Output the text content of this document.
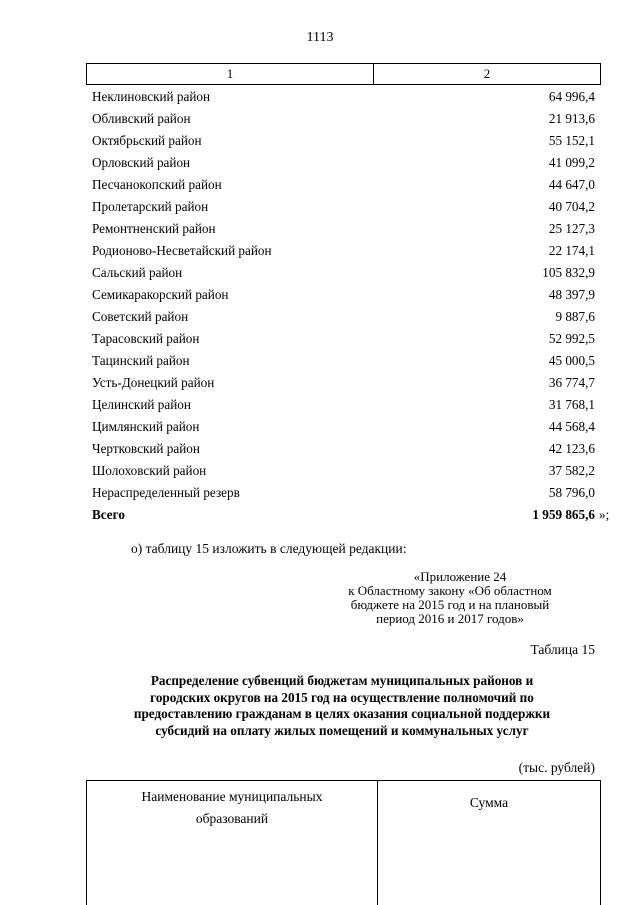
1113
1	2
Неклиновский район	64 996,4
Обливский район	21 913,6
Октябрьский район	55 152,1
Орловский район	41 099,2
Песчанокопский район	44 647,0
Пролетарский район	40 704,2
Ремонтненский район	25 127,3
Родионово-Несветайский район	22 174,1
Сальский район	105 832,9
Семикаракорский район	48 397,9
Советский район	9 887,6
Тарасовский район	52 992,5
Тацинский район	45 000,5
Усть-Донецкий район	36 774,7
Целинский район	31 768,1
Цимлянский район	44 568,4
Чертковский район	42 123,6
Шолоховский район	37 582,2
Нераспределенный резерв	58 796,0
Всего	1 959 865,6 »;
о) таблицу 15 изложить в следующей редакции:
«Приложение 24
к Областному закону «Об областном
бюджете на 2015 год и на плановый
период 2016 и 2017 годов»
Таблица 15
Распределение субвенций бюджетам муниципальных районов и
городских округов на 2015 год на осуществление полномочий по
предоставлению гражданам в целях оказания социальной поддержки
субсидий на оплату жилых помещений и коммунальных услуг
(тыс. рублей)
Наименование муниципальных
образований
Сумма
